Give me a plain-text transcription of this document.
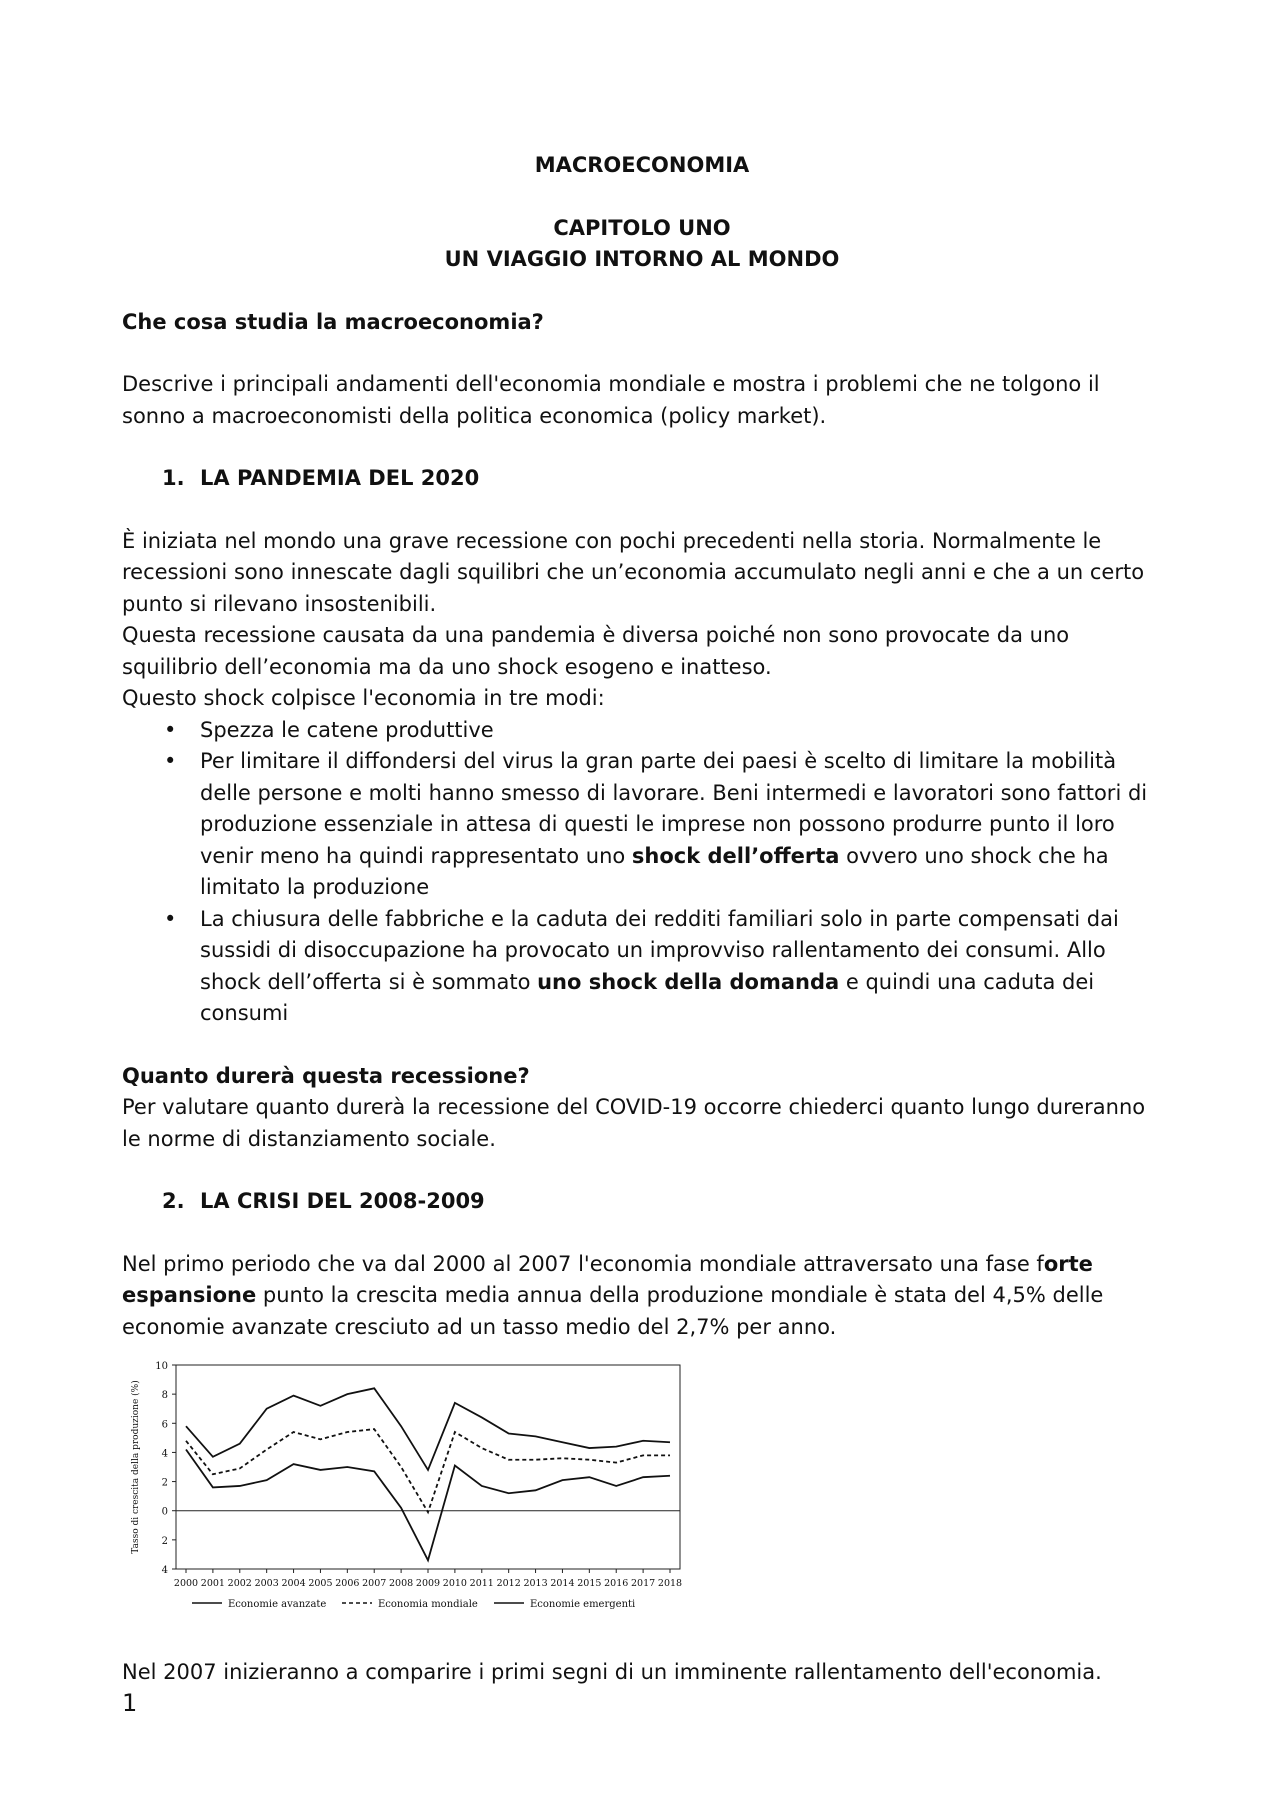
MACROECONOMIA

CAPITOLO UNO

UN VIAGGIO INTORNO AL MONDO

Che cosa studia la macroeconomia?

Descrive i principali andamenti dell'economia mondiale e mostra i problemi che ne tolgono il sonno a macroeconomisti della politica economica (policy market).

1. LA PANDEMIA DEL 2020

È iniziata nel mondo una grave recessione con pochi precedenti nella storia. Normalmente le recessioni sono innescate dagli squilibri che un’economia accumulato negli anni e che a un certo punto si rilevano insostenibili.

Questa recessione causata da una pandemia è diversa poiché non sono provocate da uno squilibrio dell’economia ma da uno shock esogeno e inatteso.

Questo shock colpisce l'economia in tre modi:

• Spezza le catene produttive
• Per limitare il diffondersi del virus la gran parte dei paesi è scelto di limitare la mobilità delle persone e molti hanno smesso di lavorare. Beni intermedi e lavoratori sono fattori di produzione essenziale in attesa di questi le imprese non possono produrre punto il loro venir meno ha quindi rappresentato uno shock dell’offerta ovvero uno shock che ha limitato la produzione
• La chiusura delle fabbriche e la caduta dei redditi familiari solo in parte compensati dai sussidi di disoccupazione ha provocato un improvviso rallentamento dei consumi. Allo shock dell’offerta si è sommato uno shock della domanda e quindi una caduta dei consumi

Quanto durerà questa recessione?

Per valutare quanto durerà la recessione del COVID-19 occorre chiederci quanto lungo dureranno le norme di distanziamento sociale.

2. LA CRISI DEL 2008-2009

Nel primo periodo che va dal 2000 al 2007 l'economia mondiale attraversato una fase forte espansione punto la crescita media annua della produzione mondiale è stata del 4,5% delle economie avanzate cresciuto ad un tasso medio del 2,7% per anno.

10
8
6
4
2
0
2
4
Tasso di crescita della produzione (%)
2000 2001 2002 2003 2004 2005 2006 2007 2008 2009 2010 2011 2012 2013 2014 2015 2016 2017 2018
Economie avanzate	Economia mondiale	Economie emergenti

Nel 2007 inizieranno a comparire i primi segni di un imminente rallentamento dell'economia.

1
